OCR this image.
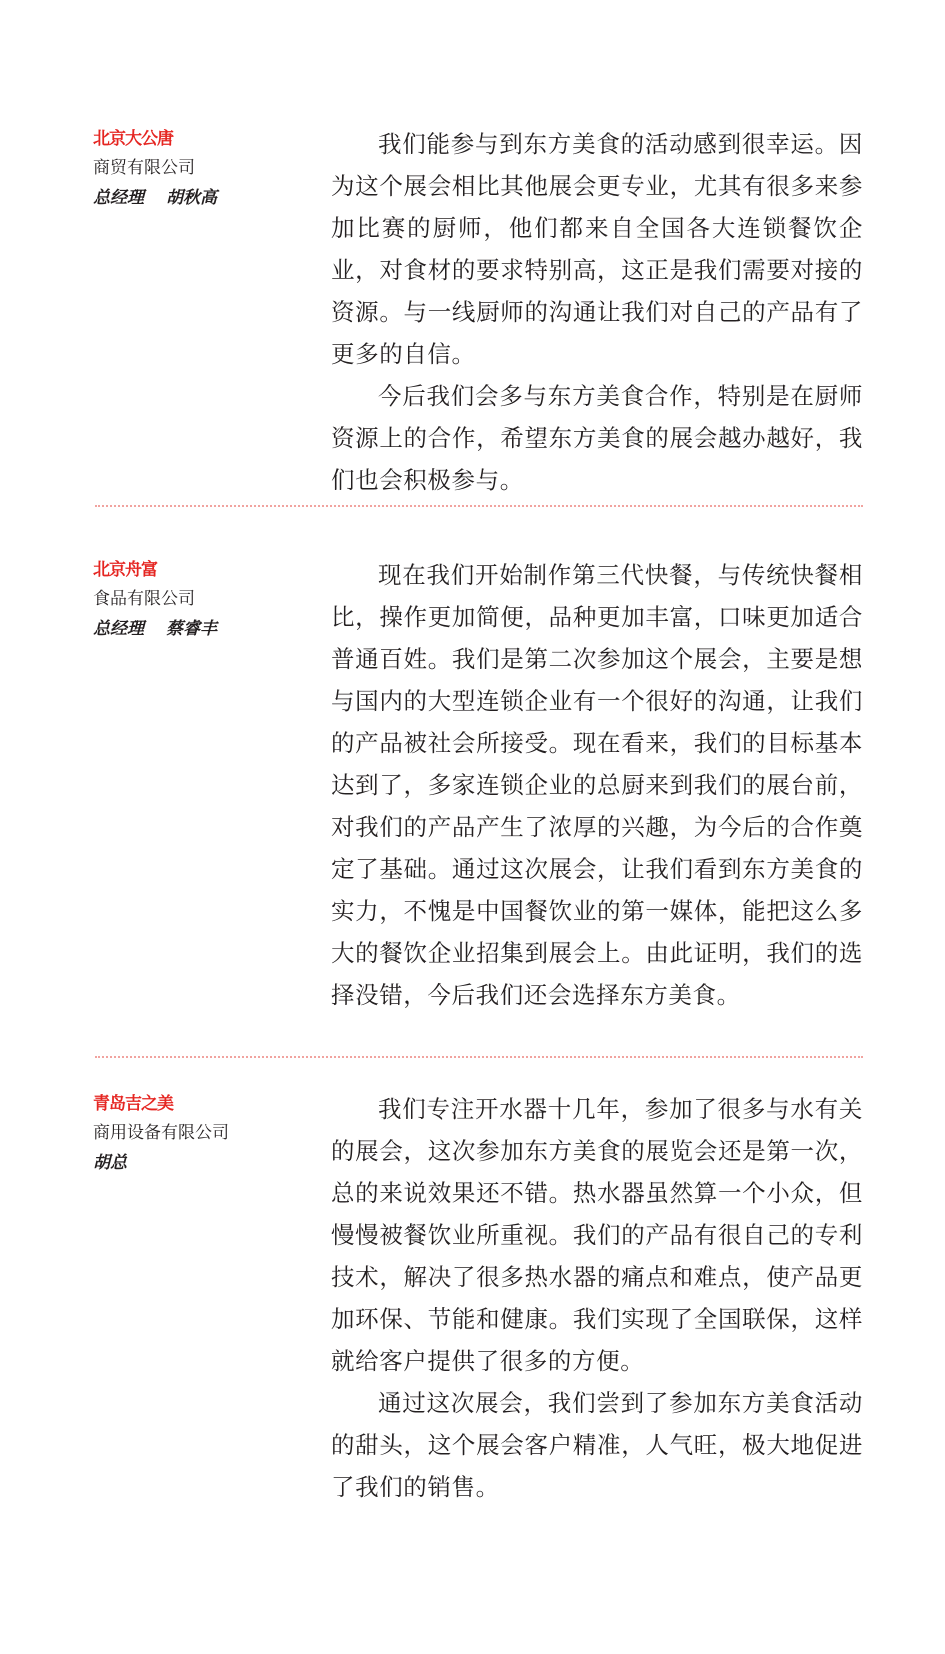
北京大公唐
商贸有限公司
总经理 胡秋高

我们能参与到东方美食的活动感到很幸运。因为这个展会相比其他展会更专业，尤其有很多来参加比赛的厨师，他们都来自全国各大连锁餐饮企业，对食材的要求特别高，这正是我们需要对接的资源。与一线厨师的沟通让我们对自己的产品有了更多的自信。

今后我们会多与东方美食合作，特别是在厨师资源上的合作，希望东方美食的展会越办越好，我们也会积极参与。

北京舟富
食品有限公司
总经理 蔡睿丰

现在我们开始制作第三代快餐，与传统快餐相比，操作更加简便，品种更加丰富，口味更加适合普通百姓。我们是第二次参加这个展会，主要是想与国内的大型连锁企业有一个很好的沟通，让我们的产品被社会所接受。现在看来，我们的目标基本达到了，多家连锁企业的总厨来到我们的展台前，对我们的产品产生了浓厚的兴趣，为今后的合作奠定了基础。通过这次展会，让我们看到东方美食的实力，不愧是中国餐饮业的第一媒体，能把这么多大的餐饮企业招集到展会上。由此证明，我们的选择没错，今后我们还会选择东方美食。

青岛吉之美
商用设备有限公司
胡总

我们专注开水器十几年，参加了很多与水有关的展会，这次参加东方美食的展览会还是第一次，总的来说效果还不错。热水器虽然算一个小众，但慢慢被餐饮业所重视。我们的产品有很自己的专利技术，解决了很多热水器的痛点和难点，使产品更加环保、节能和健康。我们实现了全国联保，这样就给客户提供了很多的方便。

通过这次展会，我们尝到了参加东方美食活动的甜头，这个展会客户精准，人气旺，极大地促进了我们的销售。
